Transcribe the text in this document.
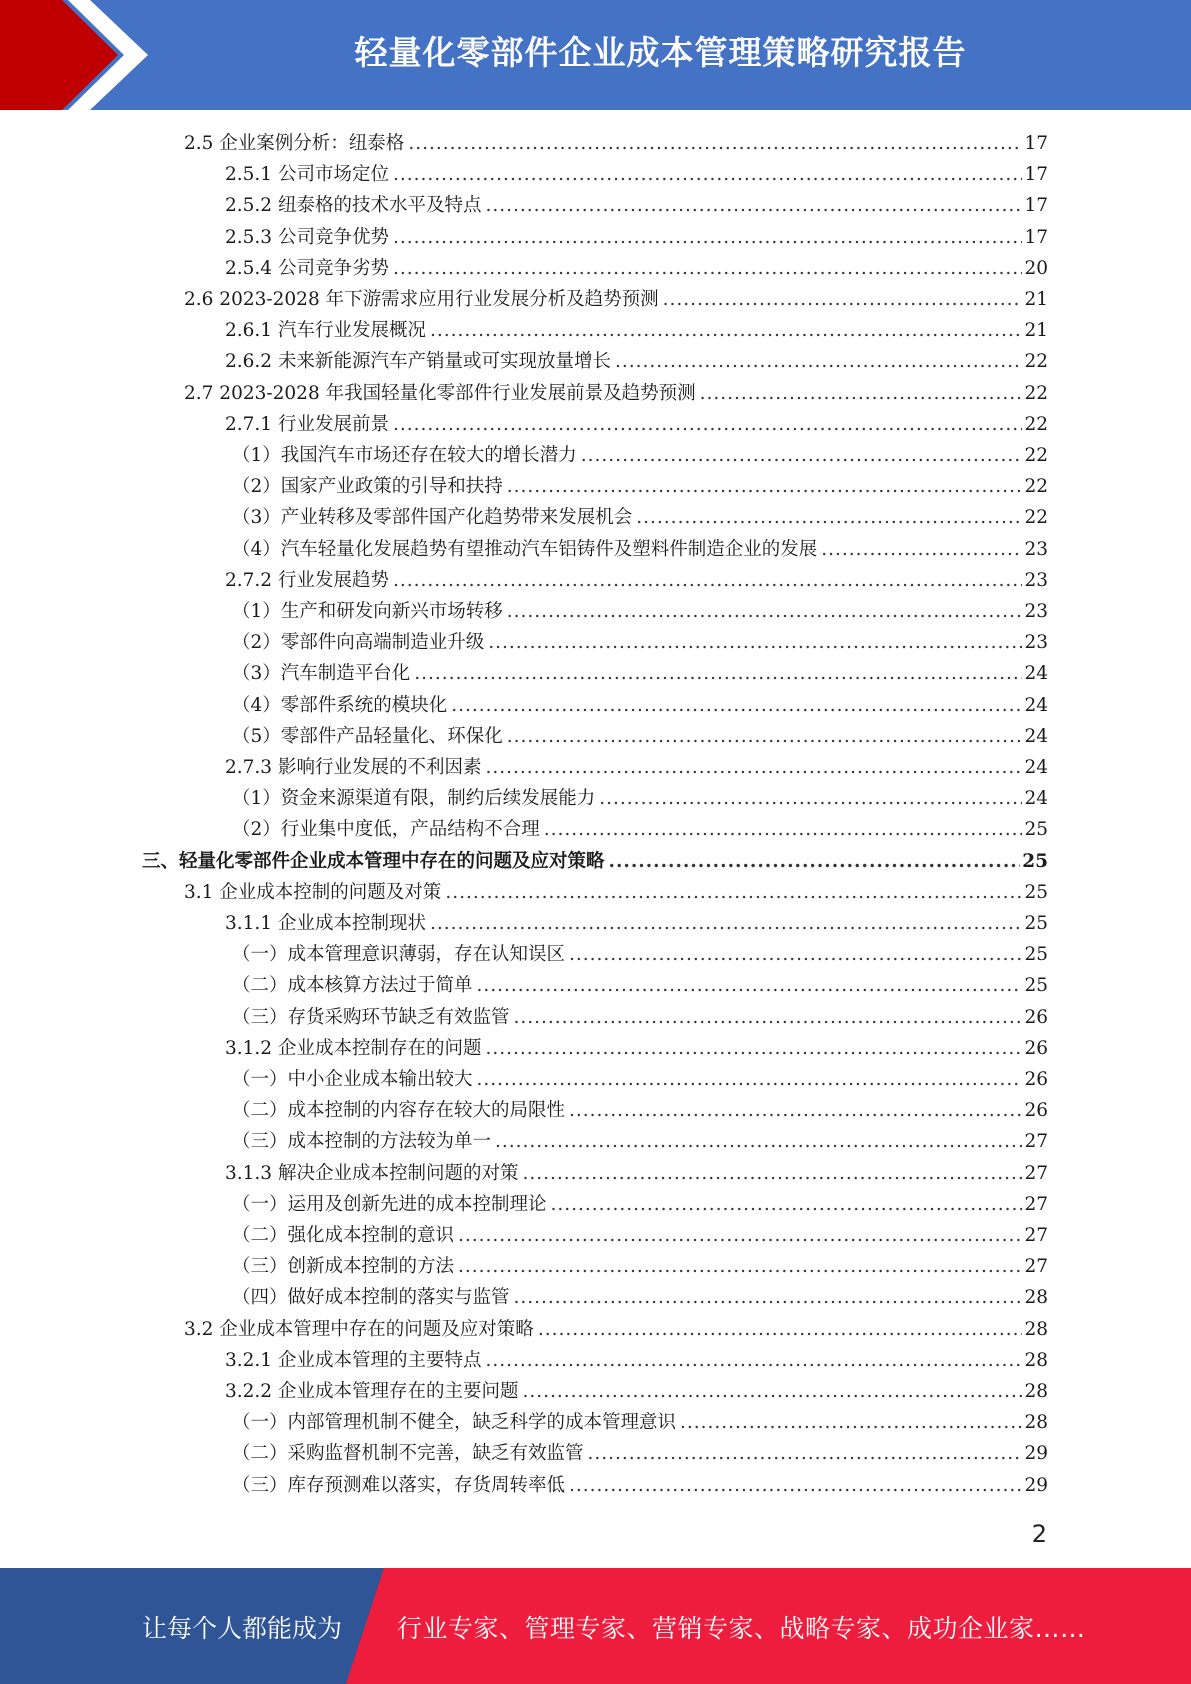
轻量化零部件企业成本管理策略研究报告
2.5 企业案例分析：纽泰格 .....	17
2.5.1 公司市场定位 .....	17
2.5.2 纽泰格的技术水平及特点 .....	17
2.5.3 公司竞争优势 .....	17
2.5.4 公司竞争劣势 .....	20
2.6 2023-2028 年下游需求应用行业发展分析及趋势预测 .....	21
2.6.1 汽车行业发展概况 .....	21
2.6.2 未来新能源汽车产销量或可实现放量增长 .....	22
2.7 2023-2028 年我国轻量化零部件行业发展前景及趋势预测 .....	22
2.7.1 行业发展前景 .....	22
（1）我国汽车市场还存在较大的增长潜力 .....	22
（2）国家产业政策的引导和扶持 .....	22
（3）产业转移及零部件国产化趋势带来发展机会 .....	22
（4）汽车轻量化发展趋势有望推动汽车铝铸件及塑料件制造企业的发展 .....	23
2.7.2 行业发展趋势 .....	23
（1）生产和研发向新兴市场转移 .....	23
（2）零部件向高端制造业升级 .....	23
（3）汽车制造平台化 .....	24
（4）零部件系统的模块化 .....	24
（5）零部件产品轻量化、环保化 .....	24
2.7.3 影响行业发展的不利因素 .....	24
（1）资金来源渠道有限，制约后续发展能力 .....	24
（2）行业集中度低，产品结构不合理 .....	25
三、轻量化零部件企业成本管理中存在的问题及应对策略 .....	25
3.1 企业成本控制的问题及对策 .....	25
3.1.1 企业成本控制现状 .....	25
（一）成本管理意识薄弱，存在认知误区 .....	25
（二）成本核算方法过于简单 .....	25
（三）存货采购环节缺乏有效监管 .....	26
3.1.2 企业成本控制存在的问题 .....	26
（一）中小企业成本输出较大 .....	26
（二）成本控制的内容存在较大的局限性 .....	26
（三）成本控制的方法较为单一 .....	27
3.1.3 解决企业成本控制问题的对策 .....	27
（一）运用及创新先进的成本控制理论 .....	27
（二）强化成本控制的意识 .....	27
（三）创新成本控制的方法 .....	27
（四）做好成本控制的落实与监管 .....	28
3.2 企业成本管理中存在的问题及应对策略 .....	28
3.2.1 企业成本管理的主要特点 .....	28
3.2.2 企业成本管理存在的主要问题 .....	28
（一）内部管理机制不健全，缺乏科学的成本管理意识 .....	28
（二）采购监督机制不完善，缺乏有效监管 .....	29
（三）库存预测难以落实，存货周转率低 .....	29
2
让每个人都能成为 行业专家、管理专家、营销专家、战略专家、成功企业家……
